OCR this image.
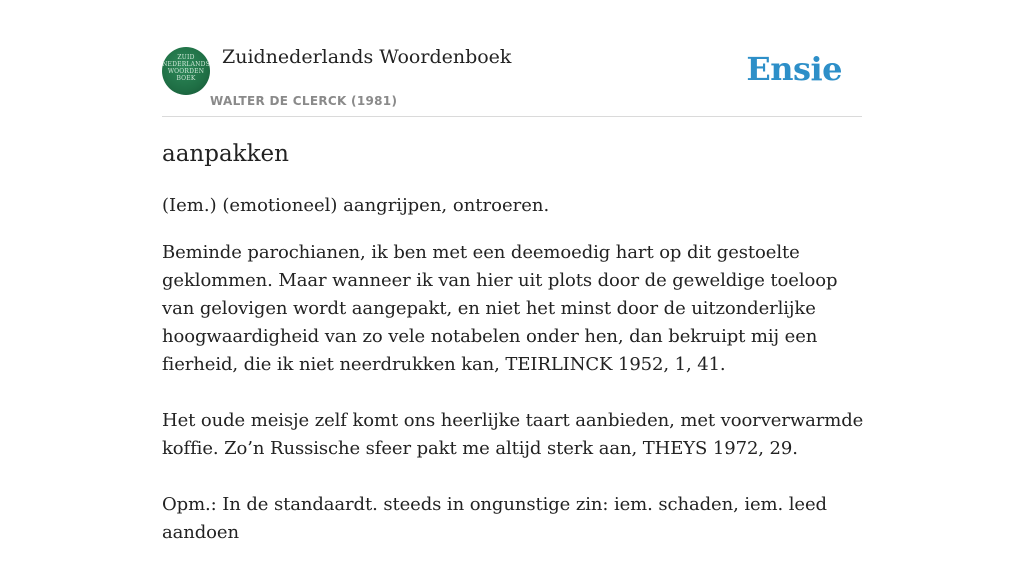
ZUID
NEDERLANDS
WOORDEN
BOEK
Zuidnederlands Woordenboek
WALTER DE CLERCK (1981)
Ensie
aanpakken

(Iem.) (emotioneel) aangrijpen, ontroeren.

Beminde parochianen, ik ben met een deemoedig hart op dit gestoelte geklommen. Maar wanneer ik van hier uit plots door de geweldige toeloop van gelovigen wordt aangepakt, en niet het minst door de uitzonderlijke hoogwaardigheid van zo vele notabelen onder hen, dan bekruipt mij een fierheid, die ik niet neerdrukken kan, TEIRLINCK 1952, 1, 41.

Het oude meisje zelf komt ons heerlijke taart aanbieden, met voorverwarmde koffie. Zo’n Russische sfeer pakt me altijd sterk aan, THEYS 1972, 29.

Opm.: In de standaardt. steeds in ongunstige zin: iem. schaden, iem. leed aandoen
